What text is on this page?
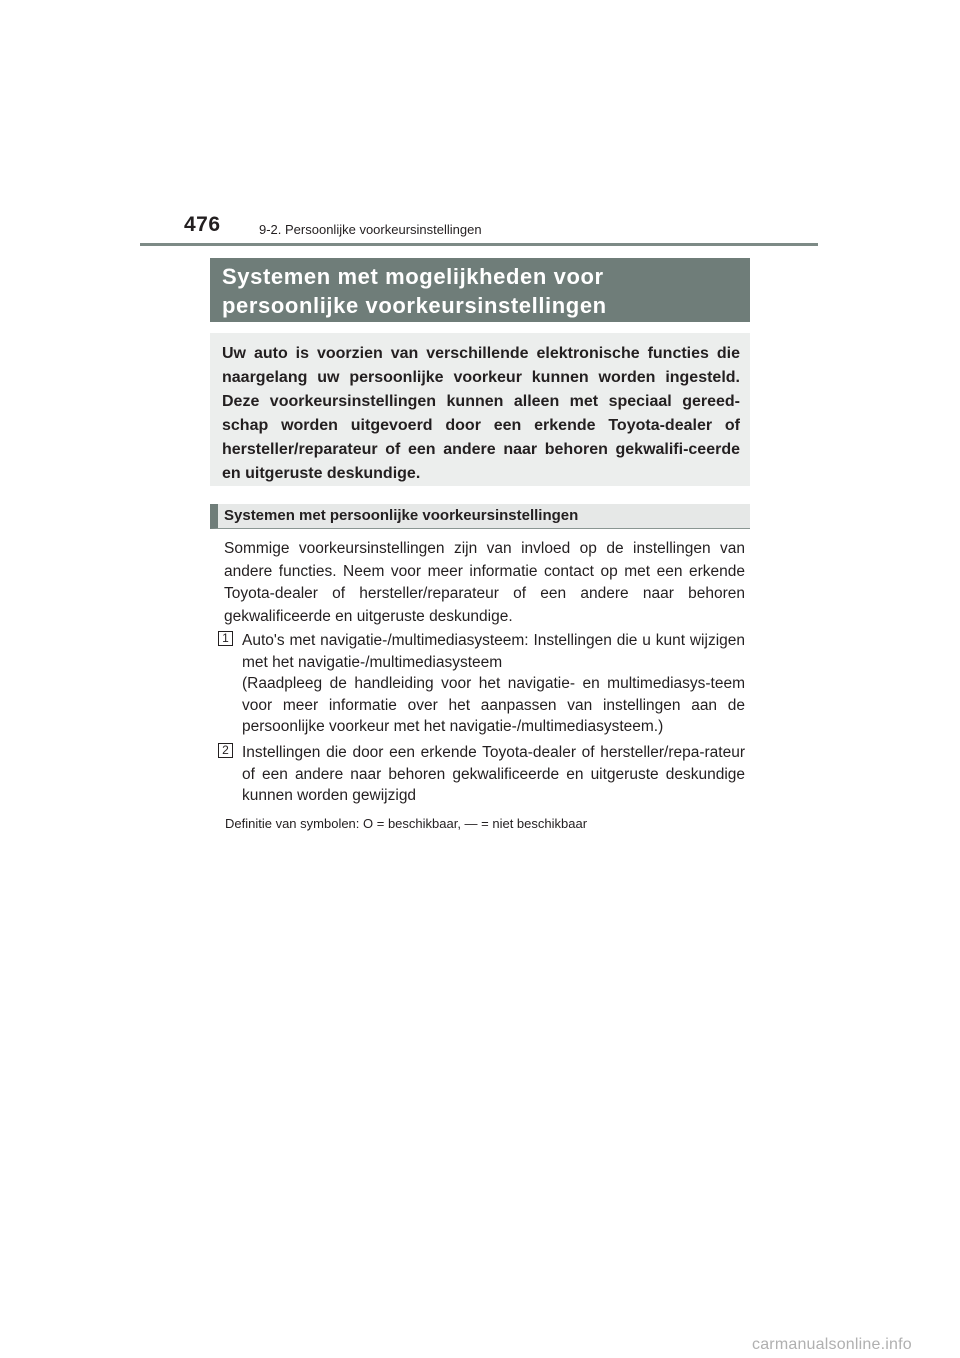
476	9-2. Persoonlijke voorkeursinstellingen
Systemen met mogelijkheden voor
persoonlijke voorkeursinstellingen
Uw auto is voorzien van verschillende elektronische functies die naargelang uw persoonlijke voorkeur kunnen worden ingesteld. Deze voorkeursinstellingen kunnen alleen met speciaal gereed-schap worden uitgevoerd door een erkende Toyota-dealer of hersteller/reparateur of een andere naar behoren gekwalifi-ceerde en uitgeruste deskundige.
Systemen met persoonlijke voorkeursinstellingen
Sommige voorkeursinstellingen zijn van invloed op de instellingen van andere functies. Neem voor meer informatie contact op met een erkende Toyota-dealer of hersteller/reparateur of een andere naar behoren gekwalificeerde en uitgeruste deskundige.
1 Auto's met navigatie-/multimediasysteem: Instellingen die u kunt wijzigen met het navigatie-/multimediasysteem

(Raadpleeg de handleiding voor het navigatie- en multimediasys-teem voor meer informatie over het aanpassen van instellingen aan de persoonlijke voorkeur met het navigatie-/multimediasysteem.)

2 Instellingen die door een erkende Toyota-dealer of hersteller/repa-rateur of een andere naar behoren gekwalificeerde en uitgeruste deskundige kunnen worden gewijzigd

Definitie van symbolen: O = beschikbaar, — = niet beschikbaar
carmanualsonline.info
